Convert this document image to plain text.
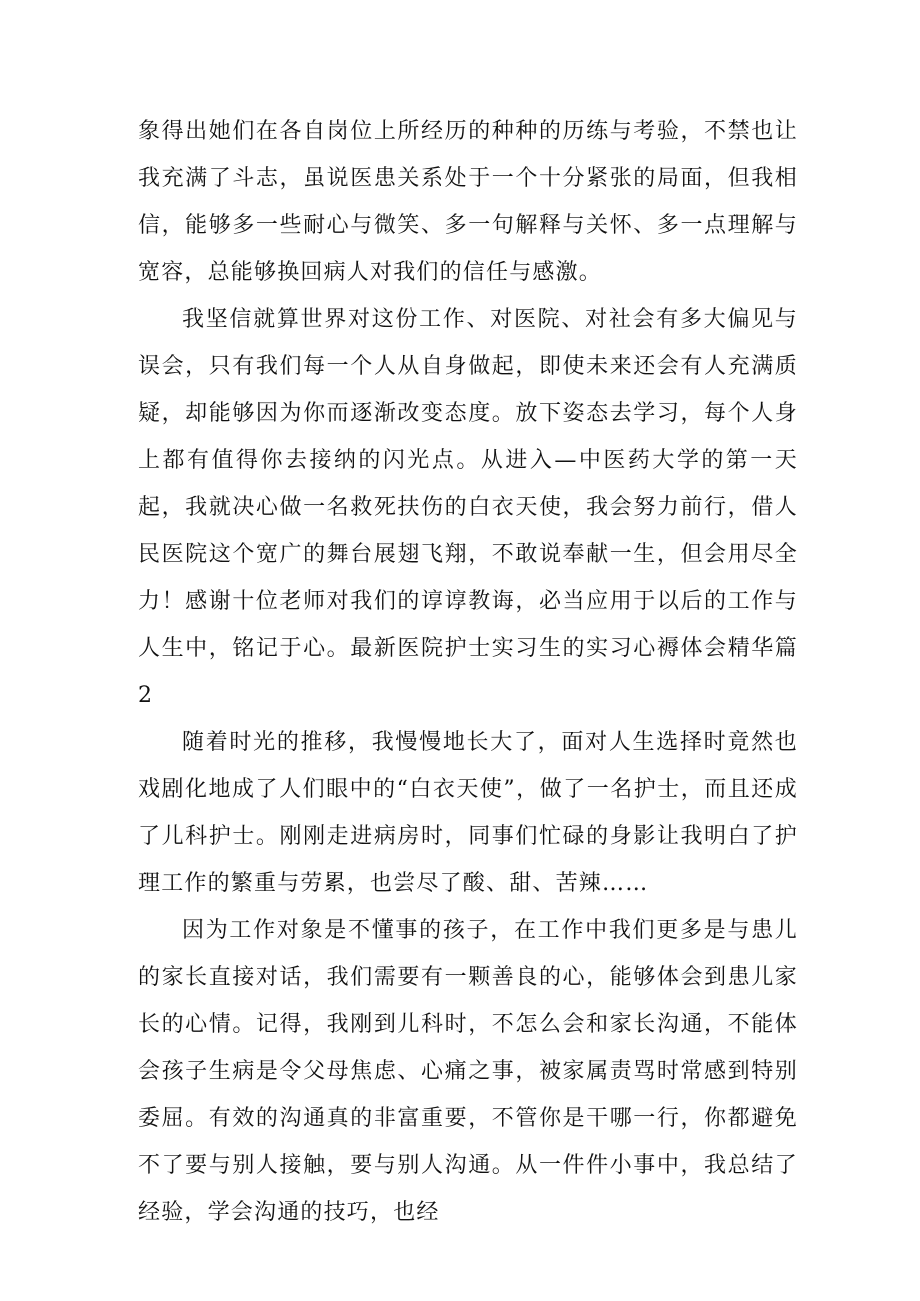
象得出她们在各自岗位上所经历的种种的历练与考验，不禁也让我充满了斗志，虽说医患关系处于一个十分紧张的局面，但我相信，能够多一些耐心与微笑、多一句解释与关怀、多一点理解与宽容，总能够换回病人对我们的信任与感激。

我坚信就算世界对这份工作、对医院、对社会有多大偏见与误会，只有我们每一个人从自身做起，即使未来还会有人充满质疑，却能够因为你而逐渐改变态度。放下姿态去学习，每个人身上都有值得你去接纳的闪光点。从进入—中医药大学的第一天起，我就决心做一名救死扶伤的白衣天使，我会努力前行，借人民医院这个宽广的舞台展翅飞翔，不敢说奉献一生，但会用尽全力！感谢十位老师对我们的谆谆教诲，必当应用于以后的工作与人生中，铭记于心。最新医院护士实习生的实习心褥体会精华篇2

随着时光的推移，我慢慢地长大了，面对人生选择时竟然也戏剧化地成了人们眼中的“白衣天使”，做了一名护士，而且还成了儿科护士。刚刚走进病房时，同事们忙碌的身影让我明白了护理工作的繁重与劳累，也尝尽了酸、甜、苦辣……

因为工作对象是不懂事的孩子，在工作中我们更多是与患儿的家长直接对话，我们需要有一颗善良的心，能够体会到患儿家长的心情。记得，我刚到儿科时，不怎么会和家长沟通，不能体会孩子生病是令父母焦虑、心痛之事，被家属责骂时常感到特别委屈。有效的沟通真的非富重要，不管你是干哪一行，你都避免不了要与别人接触，要与别人沟通。从一件件小事中，我总结了经验，学会沟通的技巧，也经
